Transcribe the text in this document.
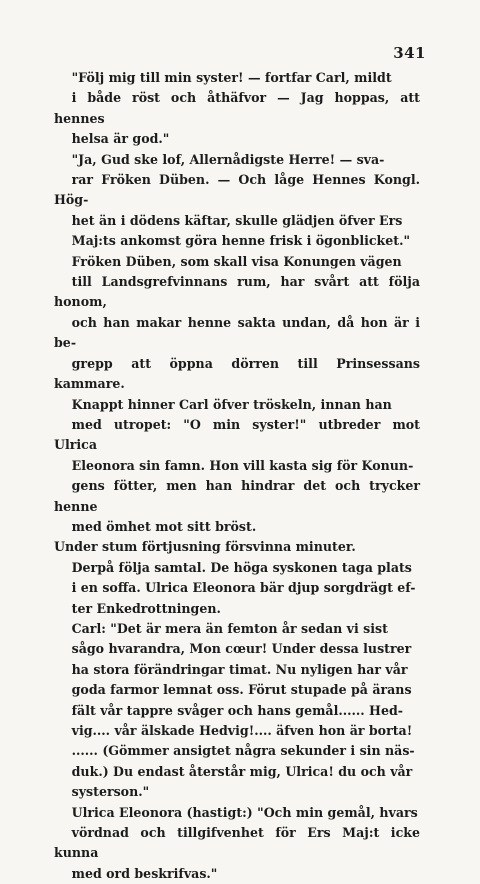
341

"Följ mig till min syster! — fortfar Carl, mildt
i både röst och åthäfvor — Jag hoppas, att hennes
helsa är god."

"Ja, Gud ske lof, Allernådigste Herre! — sva-
rar Fröken Düben. — Och låge Hennes Kongl. Hög-
het än i dödens käftar, skulle glädjen öfver Ers
Maj:ts ankomst göra henne frisk i ögonblicket."

Fröken Düben, som skall visa Konungen vägen
till Landsgrefvinnans rum, har svårt att följa honom,
och han makar henne sakta undan, då hon är i be-
grepp att öppna dörren till Prinsessans kammare.

Knappt hinner Carl öfver tröskeln, innan han
med utropet: "O min syster!" utbreder mot Ulrica
Eleonora sin famn. Hon vill kasta sig för Konun-
gens fötter, men han hindrar det och trycker henne
med ömhet mot sitt bröst.

Under stum förtjusning försvinna minuter.

Derpå följa samtal. De höga syskonen taga plats
i en soffa. Ulrica Eleonora bär djup sorgdrägt ef-
ter Enkedrottningen.

Carl: "Det är mera än femton år sedan vi sist
sågo hvarandra, Mon cœur! Under dessa lustrer
ha stora förändringar timat. Nu nyligen har vår
goda farmor lemnat oss. Förut stupade på ärans
fält vår tappre svåger och hans gemål...... Hed-
vig.... vår älskade Hedvig!.... äfven hon är borta!
...... (Gömmer ansigtet några sekunder i sin näs-
duk.) Du endast återstår mig, Ulrica! du och vår
systerson."

Ulrica Eleonora (hastigt:) "Och min gemål, hvars
vördnad och tillgifvenhet för Ers Maj:t icke kunna
med ord beskrifvas."
